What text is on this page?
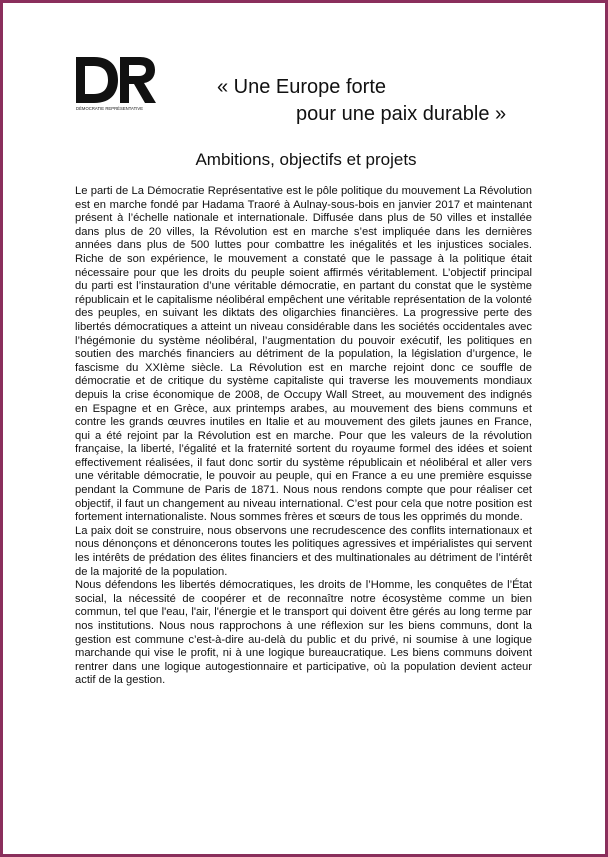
DÉMOCRATIE REPRÉSENTATIVE
« Une Europe forte
pour une paix durable »
Ambitions, objectifs et projets

Le parti de La Démocratie Représentative est le pôle politique du mouvement La Révolution est en marche fondé par Hadama Traoré à Aulnay-sous-bois en janvier 2017 et maintenant présent à l’échelle nationale et internationale. Diffusée dans plus de 50 villes et installée dans plus de 20 villes, la Révolution est en marche s’est impliquée dans les dernières années dans plus de 500 luttes pour combattre les inégalités et les injustices sociales. Riche de son expérience, le mouvement a constaté que le passage à la politique était nécessaire pour que les droits du peuple soient affirmés véritablement. L’objectif principal du parti est l’instauration d’une véritable démocratie, en partant du constat que le système républicain et le capitalisme néolibéral empêchent une véritable représentation de la volonté des peuples, en suivant les diktats des oligarchies financières. La progressive perte des libertés démocratiques a atteint un niveau considérable dans les sociétés occidentales avec l’hégémonie du système néolibéral, l’augmentation du pouvoir exécutif, les politiques en soutien des marchés financiers au détriment de la population, la législation d’urgence, le fascisme du XXIème siècle. La Révolution est en marche rejoint donc ce souffle de démocratie et de critique du système capitaliste qui traverse les mouvements mondiaux depuis la crise économique de 2008, de Occupy Wall Street, au mouvement des indignés en Espagne et en Grèce, aux printemps arabes, au mouvement des biens communs et contre les grands œuvres inutiles en Italie et au mouvement des gilets jaunes en France, qui a été rejoint par la Révolution est en marche. Pour que les valeurs de la révolution française, la liberté, l’égalité et la fraternité sortent du royaume formel des idées et soient effectivement réalisées, il faut donc sortir du système républicain et néolibéral et aller vers une véritable démocratie, le pouvoir au peuple, qui en France a eu une première esquisse pendant la Commune de Paris de 1871. Nous nous rendons compte que pour réaliser cet objectif, il faut un changement au niveau international. C’est pour cela que notre position est fortement internationaliste. Nous sommes frères et sœurs de tous les opprimés du monde.

La paix doit se construire, nous observons une recrudescence des conflits internationaux et nous dénonçons et dénoncerons toutes les politiques agressives et impérialistes qui servent les intérêts de prédation des élites financiers et des multinationales au détriment de l’intérêt de la majorité de la population.

Nous défendons les libertés démocratiques, les droits de l’Homme, les conquêtes de l’État social, la nécessité de coopérer et de reconnaître notre écosystème comme un bien commun, tel que l'eau, l'air, l'énergie et le transport qui doivent être gérés au long terme par nos institutions. Nous nous rapprochons à une réflexion sur les biens communs, dont la gestion est commune c’est-à-dire au-delà du public et du privé, ni soumise à une logique marchande qui vise le profit, ni à une logique bureaucratique. Les biens communs doivent rentrer dans une logique autogestionnaire et participative, où la population devient acteur actif de la gestion.
